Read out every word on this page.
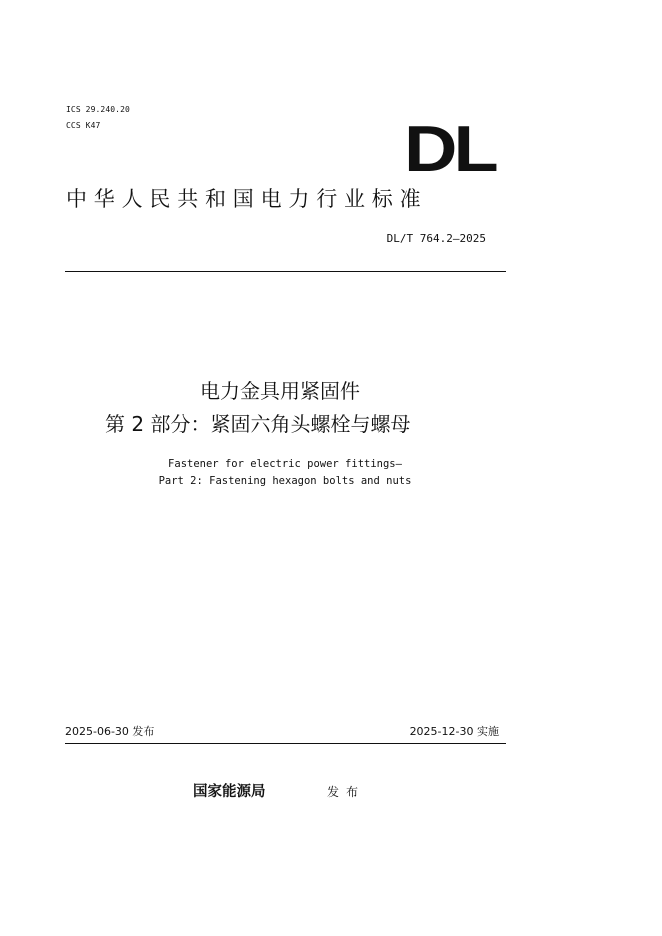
ICS 29.240.20
CCS K47	DL
中华人民共和国电力行业标准
DL/T 764.2—2025
电力金具用紧固件
第 2 部分：紧固六角头螺栓与螺母
Fastener for electric power fittings—
Part 2: Fastening hexagon bolts and nuts
2025-06-30 发布	2025-12-30 实施
国家能源局	发布
